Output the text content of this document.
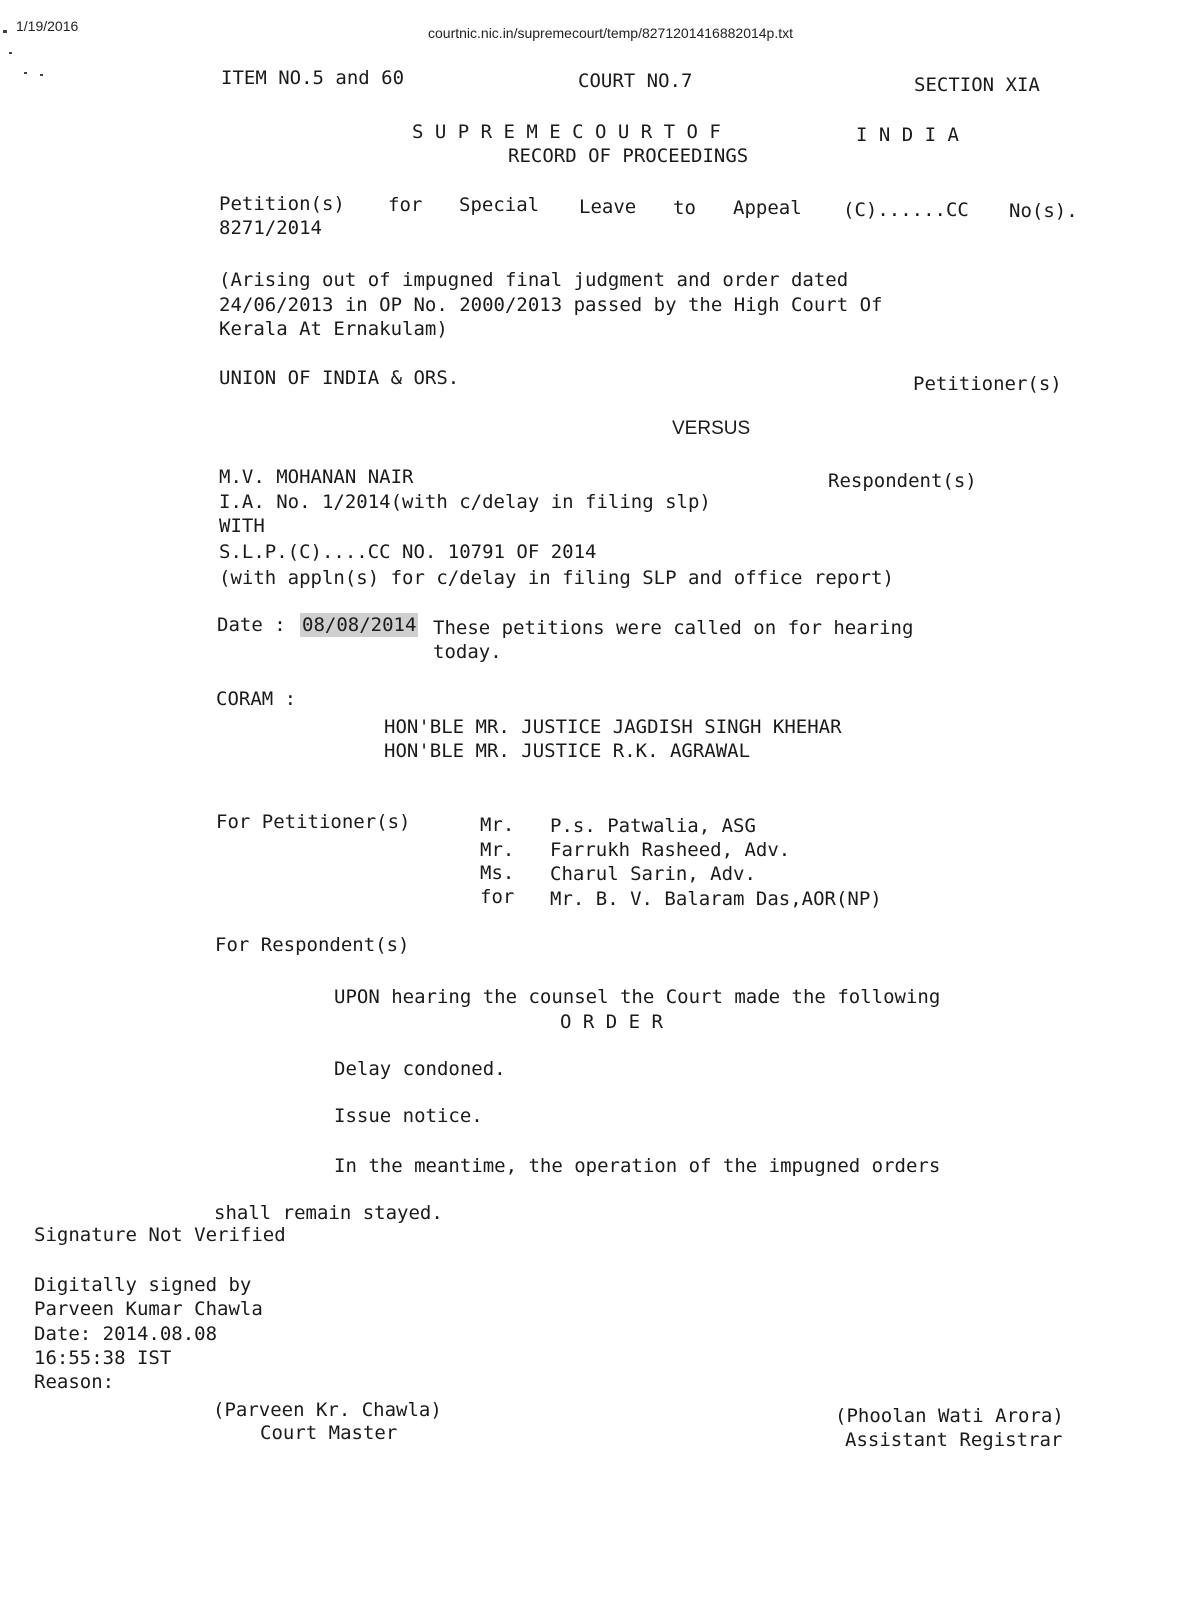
1/19/2016	courtnic.nic.in/supremecourt/temp/8271201416882014p.txt
ITEM NO.5 and 60	COURT NO.7	SECTION XIA
S U P R E M E C O U R T O F	I N D I A
RECORD OF PROCEEDINGS
Petition(s) for Special Leave to Appeal (C)......CC No(s).
8271/2014
(Arising out of impugned final judgment and order dated
24/06/2013 in OP No. 2000/2013 passed by the High Court Of
Kerala At Ernakulam)
UNION OF INDIA & ORS.	Petitioner(s)
VERSUS
M.V. MOHANAN NAIR	Respondent(s)
I.A. No. 1/2014(with c/delay in filing slp)
WITH
S.L.P.(C)....CC NO. 10791 OF 2014
(with appln(s) for c/delay in filing SLP and office report)
Date : 08/08/2014 These petitions were called on for hearing
today.
CORAM :
HON'BLE MR. JUSTICE JAGDISH SINGH KHEHAR
HON'BLE MR. JUSTICE R.K. AGRAWAL
For Petitioner(s)	Mr. P.s. Patwalia, ASG
Mr. Farrukh Rasheed, Adv.
Ms. Charul Sarin, Adv.
for Mr. B. V. Balaram Das,AOR(NP)
For Respondent(s)
UPON hearing the counsel the Court made the following
O R D E R
Delay condoned.
Issue notice.
In the meantime, the operation of the impugned orders
shall remain stayed.
Signature Not Verified
Digitally signed by
Parveen Kumar Chawla
Date: 2014.08.08
16:55:38 IST
Reason:
(Parveen Kr. Chawla)
Court Master
(Phoolan Wati Arora)
Assistant Registrar
